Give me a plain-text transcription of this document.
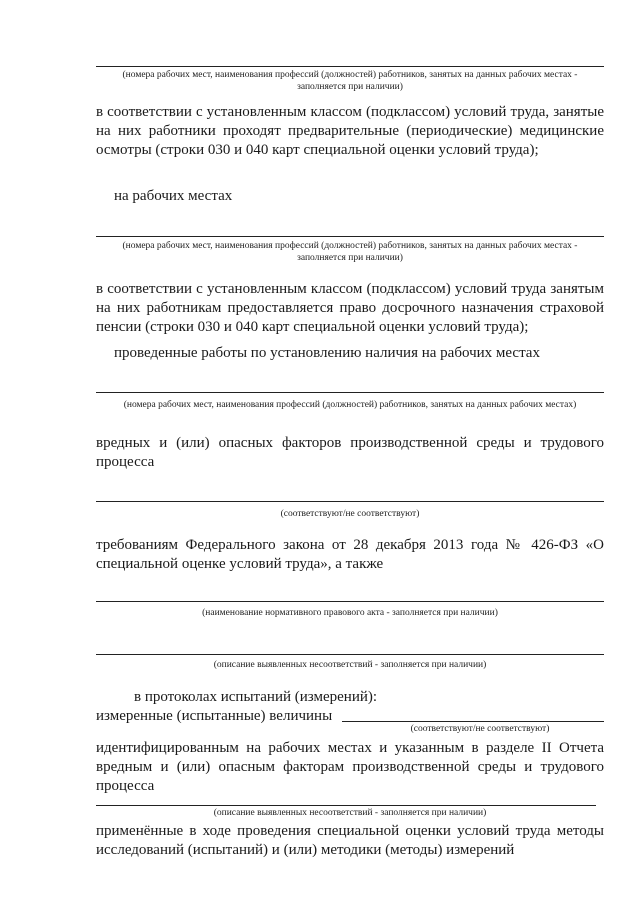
(номера рабочих мест, наименования профессий (должностей) работников, занятых на данных рабочих местах - заполняется при наличии)
в соответствии с установленным классом (подклассом) условий труда, занятые на них работники проходят предварительные (периодические) медицинские осмотры (строки 030 и 040 карт специальной оценки условий труда);
на рабочих местах
(номера рабочих мест, наименования профессий (должностей) работников, занятых на данных рабочих местах - заполняется при наличии)
в соответствии с установленным классом (подклассом) условий труда занятым на них работникам предоставляется право досрочного назначения страховой пенсии (строки 030 и 040 карт специальной оценки условий труда);
проведенные работы по установлению наличия на рабочих местах
(номера рабочих мест, наименования профессий (должностей) работников, занятых на данных рабочих местах)
вредных и (или) опасных факторов производственной среды и трудового процесса
(соответствуют/не соответствуют)
требованиям Федерального закона от 28 декабря 2013 года № 426-ФЗ «О специальной оценке условий труда», а также
(наименование нормативного правового акта - заполняется при наличии)
(описание выявленных несоответствий - заполняется при наличии)
в протоколах испытаний (измерений):
измеренные (испытанные) величины
(соответствуют/не соответствуют)
идентифицированным на рабочих местах и указанным в разделе II Отчета вредным и (или) опасным факторам производственной среды и трудового процесса
(описание выявленных несоответствий - заполняется при наличии)
применённые в ходе проведения специальной оценки условий труда методы исследований (испытаний) и (или) методики (методы) измерений
